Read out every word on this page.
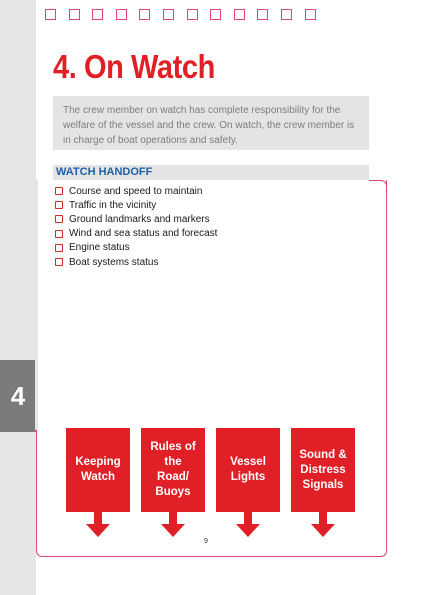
4
4. On Watch
The crew member on watch has complete responsibility for the welfare of the vessel and the crew. On watch, the crew member is in charge of boat operations and safety.
WATCH HANDOFF
Course and speed to maintain
Traffic in the vicinity
Ground landmarks and markers
Wind and sea status and forecast
Engine status
Boat systems status
Keeping Watch
Rules of the Road/ Buoys
Vessel Lights
Sound & Distress Signals
9
